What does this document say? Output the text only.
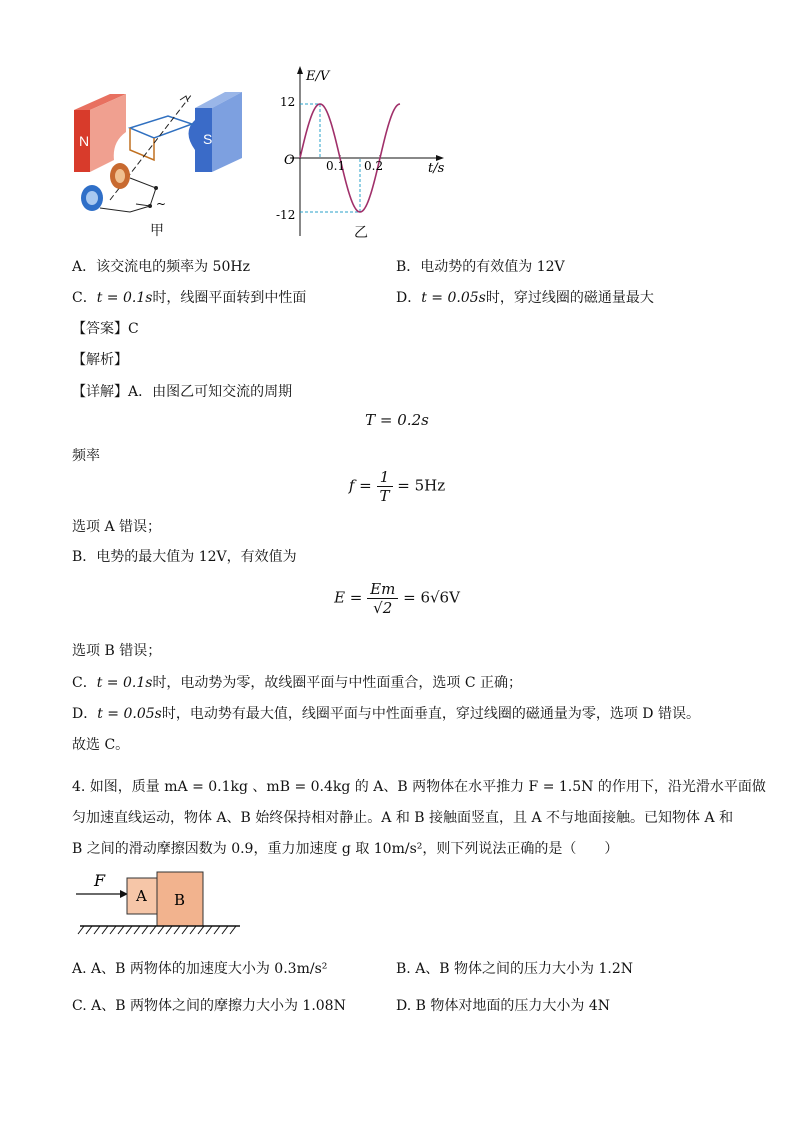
N	S
~
甲
E/V
t/s
O
12
-12
0.1 0.2
乙
A．该交流电的频率为 50Hz	B．电动势的有效值为 12V
C．t = 0.1s时，线圈平面转到中性面	D．t = 0.05s时，穿过线圈的磁通量最大
【答案】C
【解析】
【详解】A．由图乙可知交流的周期
T = 0.2s
频率
$f = \frac{1}{T} = 5Hz$
选项 A 错误；
B．电势的最大值为 12V，有效值为
$E = \frac{Em}{√2} = 6√6V$
选项 B 错误；
C．t = 0.1s时，电动势为零，故线圈平面与中性面重合，选项 C 正确；
D．t = 0.05s时，电动势有最大值，线圈平面与中性面垂直，穿过线圈的磁通量为零，选项 D 错误。
故选 C。
4. 如图，质量 mA = 0.1kg 、mB = 0.4kg 的 A、B 两物体在水平推力 F = 1.5N 的作用下，沿光滑水平面做
匀加速直线运动，物体 A、B 始终保持相对静止。A 和 B 接触面竖直，且 A 不与地面接触。已知物体 A 和
B 之间的滑动摩擦因数为 0.9，重力加速度 g 取 10m/s²，则下列说法正确的是（　　）
F
A B
A. A、B 两物体的加速度大小为 0.3m/s²	B. A、B 物体之间的压力大小为 1.2N
C. A、B 两物体之间的摩擦力大小为 1.08N	D. B 物体对地面的压力大小为 4N
